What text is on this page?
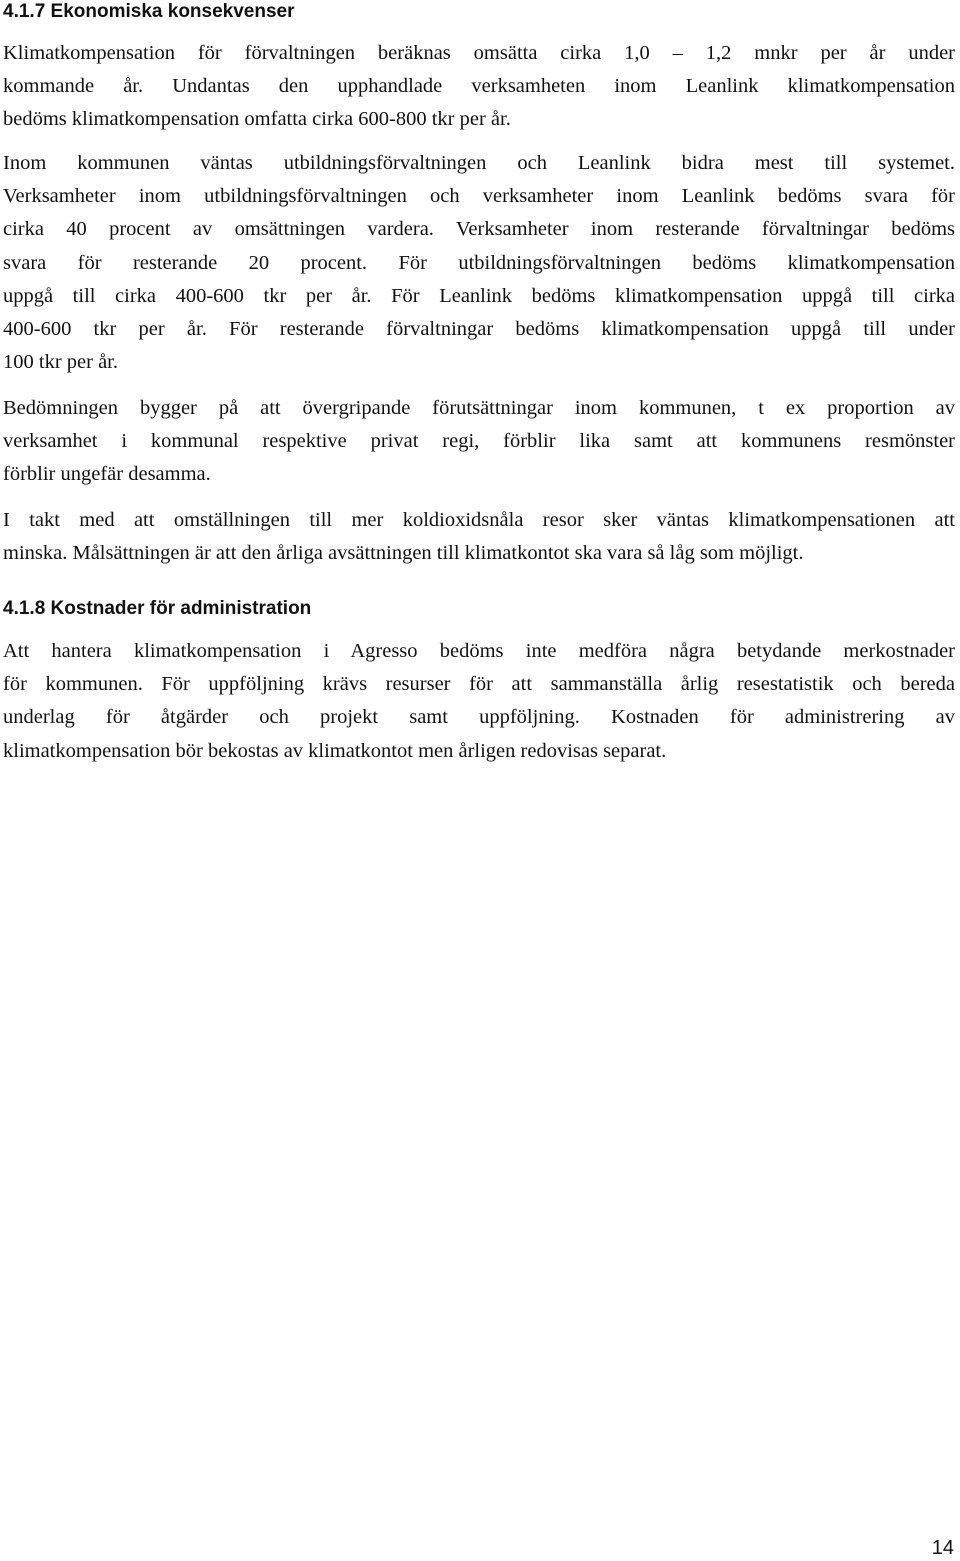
4.1.7 Ekonomiska konsekvenser

Klimatkompensation för förvaltningen beräknas omsätta cirka 1,0 – 1,2 mnkr per år under
kommande år. Undantas den upphandlade verksamheten inom Leanlink klimatkompensation
bedöms klimatkompensation omfatta cirka 600-800 tkr per år.

Inom kommunen väntas utbildningsförvaltningen och Leanlink bidra mest till systemet.
Verksamheter inom utbildningsförvaltningen och verksamheter inom Leanlink bedöms svara för
cirka 40 procent av omsättningen vardera. Verksamheter inom resterande förvaltningar bedöms
svara för resterande 20 procent. För utbildningsförvaltningen bedöms klimatkompensation
uppgå till cirka 400-600 tkr per år. För Leanlink bedöms klimatkompensation uppgå till cirka
400-600 tkr per år. För resterande förvaltningar bedöms klimatkompensation uppgå till under
100 tkr per år.

Bedömningen bygger på att övergripande förutsättningar inom kommunen, t ex proportion av
verksamhet i kommunal respektive privat regi, förblir lika samt att kommunens resmönster
förblir ungefär desamma.

I takt med att omställningen till mer koldioxidsnåla resor sker väntas klimatkompensationen att
minska. Målsättningen är att den årliga avsättningen till klimatkontot ska vara så låg som möjligt.

4.1.8 Kostnader för administration

Att hantera klimatkompensation i Agresso bedöms inte medföra några betydande merkostnader
för kommunen. För uppföljning krävs resurser för att sammanställa årlig resestatistik och bereda
underlag för åtgärder och projekt samt uppföljning. Kostnaden för administrering av
klimatkompensation bör bekostas av klimatkontot men årligen redovisas separat.

14
